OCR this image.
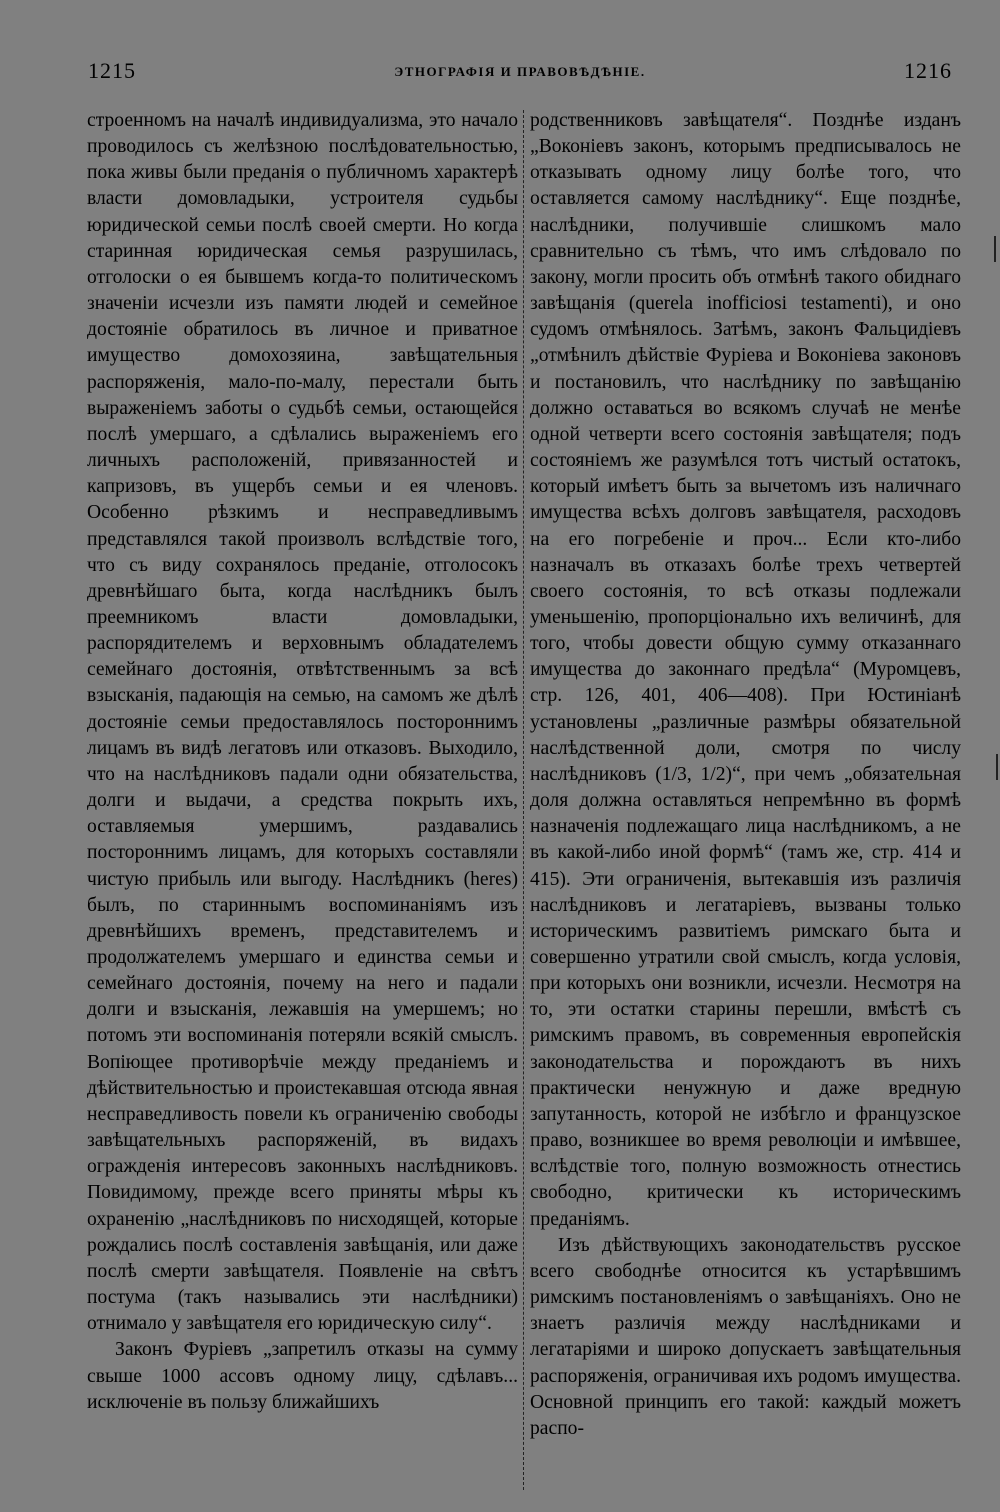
1215	ЭТНОГРАФІЯ И ПРАВОВѢДѢНІЕ.	1216

строенномъ на началѣ индивидуализма, это начало проводилось съ желѣзною послѣдовательностью, пока живы были преданія о публичномъ характерѣ власти домовладыки, устроителя судьбы юридической семьи послѣ своей смерти. Но когда старинная юридическая семья разрушилась, отголоски о ея бывшемъ когда-то политическомъ значеніи исчезли изъ памяти людей и семейное достояніе обратилось въ личное и приватное имущество домохозяина, завѣщательныя распоряженія, мало-по-малу, перестали быть выраженіемъ заботы о судьбѣ семьи, остающейся послѣ умершаго, а сдѣлались выраженіемъ его личныхъ расположеній, привязанностей и капризовъ, въ ущербъ семьи и ея членовъ. Особенно рѣзкимъ и несправедливымъ представлялся такой произволъ вслѣдствіе того, что съ виду сохранялось преданіе, отголосокъ древнѣйшаго быта, когда наслѣдникъ былъ преемникомъ власти домовладыки, распорядителемъ и верховнымъ обладателемъ семейнаго достоянія, отвѣтственнымъ за всѣ взысканія, падающія на семью, на самомъ же дѣлѣ достояніе семьи предоставлялось постороннимъ лицамъ въ видѣ легатовъ или отказовъ. Выходило, что на наслѣдниковъ падали одни обязательства, долги и выдачи, а средства покрыть ихъ, оставляемыя умершимъ, раздавались постороннимъ лицамъ, для которыхъ составляли чистую прибыль или выгоду. Наслѣдникъ (heres) былъ, по стариннымъ воспоминаніямъ изъ древнѣйшихъ временъ, представителемъ и продолжателемъ умершаго и единства семьи и семейнаго достоянія, почему на него и падали долги и взысканія, лежавшія на умершемъ; но потомъ эти воспоминанія потеряли всякій смыслъ. Вопіющее противорѣчіе между преданіемъ и дѣйствительностью и проистекавшая отсюда явная несправедливость повели къ ограниченію свободы завѣщательныхъ распоряженій, въ видахъ огражденія интересовъ законныхъ наслѣдниковъ. Повидимому, прежде всего приняты мѣры къ охраненію „наслѣдниковъ по нисходящей, которые рождались послѣ составленія завѣщанія, или даже послѣ смерти завѣщателя. Появленіе на свѣтъ постума (такъ назывались эти наслѣдники) отнимало у завѣщателя его юридическую силу“.

Законъ Фуріевъ „запретилъ отказы на сумму свыше 1000 ассовъ одному лицу, сдѣлавъ... исключеніе въ пользу ближайшихъ

родственниковъ завѣщателя“. Позднѣе изданъ „Воконіевъ законъ, которымъ предписывалось не отказывать одному лицу болѣе того, что оставляется самому наслѣднику“. Еще позднѣе, наслѣдники, получившіе слишкомъ мало сравнительно съ тѣмъ, что имъ слѣдовало по закону, могли просить объ отмѣнѣ такого обиднаго завѣщанія (querela inofficiosi testamenti), и оно судомъ отмѣнялось. Затѣмъ, законъ Фальцидіевъ „отмѣнилъ дѣйствіе Фуріева и Воконіева законовъ и постановилъ, что наслѣднику по завѣщанію должно оставаться во всякомъ случаѣ не менѣе одной четверти всего состоянія завѣщателя; подъ состояніемъ же разумѣлся тотъ чистый остатокъ, который имѣетъ быть за вычетомъ изъ наличнаго имущества всѣхъ долговъ завѣщателя, расходовъ на его погребеніе и проч... Если кто-либо назначалъ въ отказахъ болѣе трехъ четвертей своего состоянія, то всѣ отказы подлежали уменьшенію, пропорціонально ихъ величинѣ, для того, чтобы довести общую сумму отказаннаго имущества до законнаго предѣла“ (Муромцевъ, стр. 126, 401, 406—408). При Юстиніанѣ установлены „различные размѣры обязательной наслѣдственной доли, смотря по числу наслѣдниковъ (1/3, 1/2)“, при чемъ „обязательная доля должна оставляться непремѣнно въ формѣ назначенія подлежащаго лица наслѣдникомъ, а не въ какой-либо иной формѣ“ (тамъ же, стр. 414 и 415). Эти ограниченія, вытекавшія изъ различія наслѣдниковъ и легатаріевъ, вызваны только историческимъ развитіемъ римскаго быта и совершенно утратили свой смыслъ, когда условія, при которыхъ они возникли, исчезли. Несмотря на то, эти остатки старины перешли, вмѣстѣ съ римскимъ правомъ, въ современныя европейскія законодательства и порождаютъ въ нихъ практически ненужную и даже вредную запутанность, которой не избѣгло и французское право, возникшее во время революціи и имѣвшее, вслѣдствіе того, полную возможность отнестись свободно, критически къ историческимъ преданіямъ.

Изъ дѣйствующихъ законодательствъ русское всего свободнѣе относится къ устарѣвшимъ римскимъ постановленіямъ о завѣщаніяхъ. Оно не знаетъ различія между наслѣдниками и легатаріями и широко допускаетъ завѣщательныя распоряженія, ограничивая ихъ родомъ имущества. Основной принципъ его такой: каждый можетъ распо-
